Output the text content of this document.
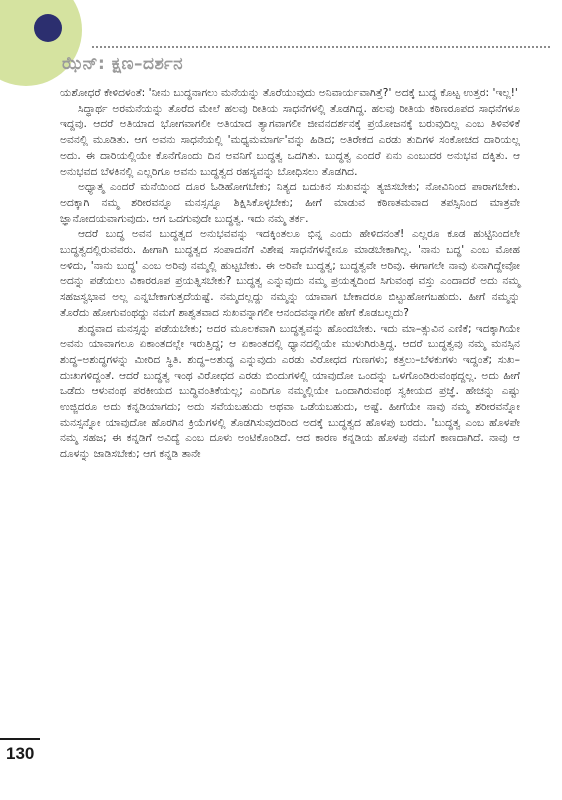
ಝೆನ್‌: ಕ್ಷಣ–ದರ್ಶನ

ಯಶೋಧರೆ ಕೇಳಿದಳಂತೆ: 'ನೀನು ಬುದ್ಧನಾಗಲು ಮನೆಯನ್ನು ತೊರೆಯುವುದು ಅನಿವಾರ್ಯವಾಗಿತ್ತೆ?' ಅದಕ್ಕೆ ಬುದ್ಧ ಕೊಟ್ಟ ಉತ್ತರ: 'ಇಲ್ಲ!'

ಸಿದ್ಧಾರ್ಥ ಅರಮನೆಯನ್ನು ತೊರೆದ ಮೇಲೆ ಹಲವು ರೀತಿಯ ಸಾಧನೆಗಳಲ್ಲಿ ತೊಡಗಿದ್ದ. ಹಲವು ರೀತಿಯ ಕಠಿಣರೂಪದ ಸಾಧನೆಗಳೂ ಇದ್ದವು. ಆದರೆ ಅತಿಯಾದ ಭೋಗವಾಗಲೀ ಅತಿಯಾದ ತ್ಯಾಗವಾಗಲೀ ಜೀವನದರ್ಶನಕ್ಕೆ ಪ್ರಯೋಜನಕ್ಕೆ ಬರುವುದಿಲ್ಲ ಎಂಬ ತಿಳಿವಳಿಕೆ ಅವನಲ್ಲಿ ಮೂಡಿತು. ಆಗ ಅವನು ಸಾಧನೆಯಲ್ಲಿ 'ಮಧ್ಯಮಮಾರ್ಗ'ವನ್ನು ಹಿಡಿದ; ಅತಿರೇಕದ ಎರಡು ತುದಿಗಳ ಸಂಕೋಚದ ದಾರಿಯಲ್ಲ ಅದು. ಈ ದಾರಿಯಲ್ಲಿಯೇ ಕೊನೆಗೊಂದು ದಿನ ಅವನಿಗೆ ಬುದ್ಧತ್ವ ಒದಗಿತು. ಬುದ್ಧತ್ವ ಎಂದರೆ ಏನು ಎಂಬುದರ ಅನುಭವ ದಕ್ಕಿತು. ಆ ಅನುಭವದ ಬೆಳಕಿನಲ್ಲಿ ಎಲ್ಲರಿಗೂ ಅವನು ಬುದ್ಧತ್ವದ ರಹಸ್ಯವನ್ನು ಬೋಧಿಸಲು ತೊಡಗಿದ.

ಅಧ್ಯಾತ್ಮ ಎಂದರೆ ಮನೆಯಿಂದ ದೂರ ಓಡಿಹೋಗಬೇಕು; ನಿತ್ಯದ ಬದುಕಿನ ಸುಖವನ್ನು ತ್ಯಜಿಸಬೇಕು; ನೋವಿನಿಂದ ಪಾರಾಗಬೇಕು. ಅದಕ್ಕಾಗಿ ನಮ್ಮ ಶರೀರವನ್ನೂ ಮನಸ್ಸನ್ನೂ ಶಿಕ್ಷಿಸಿಕೊಳ್ಳಬೇಕು; ಹೀಗೆ ಮಾಡುವ ಕಠಿಣತಮವಾದ ತಪಸ್ಸಿನಿಂದ ಮಾತ್ರವೇ ಜ್ಞಾನೋದಯವಾಗುವುದು. ಆಗ ಒದಗುವುದೇ ಬುದ್ಧತ್ವ. ಇದು ನಮ್ಮ ತರ್ಕ.

ಆದರೆ ಬುದ್ಧ ಅವನ ಬುದ್ಧತ್ವದ ಅನುಭವವನ್ನು ಇದಕ್ಕಿಂತಲೂ ಭಿನ್ನ ಎಂದು ಹೇಳಿದನಂತೆ! ಎಲ್ಲರೂ ಕೂಡ ಹುಟ್ಟಿನಿಂದಲೇ ಬುದ್ಧತ್ವದಲ್ಲಿರುವವರು. ಹೀಗಾಗಿ ಬುದ್ಧತ್ವದ ಸಂಪಾದನೆಗೆ ವಿಶೇಷ ಸಾಧನೆಗಳನ್ನೇನೂ ಮಾಡಬೇಕಾಗಿಲ್ಲ. 'ನಾನು ಬದ್ಧ' ಎಂಬ ಮೋಹ ಅಳಿದು, 'ನಾನು ಬುದ್ಧ' ಎಂಬ ಅರಿವು ನಮ್ಮಲ್ಲಿ ಹುಟ್ಟಬೇಕು. ಈ ಅರಿವೇ ಬುದ್ಧತ್ವ; ಬುದ್ಧತ್ವವೇ ಅರಿವು. ಈಗಾಗಲೇ ನಾವು ಏನಾಗಿದ್ದೇವೋ ಅದನ್ನು ಪಡೆಯಲು ವಿಕಾರರೂಪ ಪ್ರಯತ್ನಿಸಬೇಕು? ಬುದ್ಧತ್ವ ಎನ್ನುವುದು ನಮ್ಮ ಪ್ರಯತ್ನದಿಂದ ಸಿಗುವಂಥ ವಸ್ತು ಎಂದಾದರೆ ಅದು ನಮ್ಮ ಸಹಜಸ್ವಭಾವ ಅಲ್ಲ ಎನ್ನಬೇಕಾಗುತ್ತದೆಯಷ್ಟೆ. ನಮ್ಮದಲ್ಲದ್ದು ನಮ್ಮನ್ನು ಯಾವಾಗ ಬೇಕಾದರೂ ಬಿಟ್ಟುಹೋಗಬಹುದು. ಹೀಗೆ ನಮ್ಮನ್ನು ತೊರೆದು ಹೋಗುವಂಥದ್ದು ನಮಗೆ ಶಾಶ್ವತವಾದ ಸುಖವನ್ನಾಗಲೀ ಆನಂದವನ್ನಾಗಲೀ ಹೇಗೆ ಕೊಡಬಲ್ಲದು?

ಶುದ್ಧವಾದ ಮನಸ್ಸನ್ನು ಪಡೆಯಬೇಕು; ಅದರ ಮೂಲಕವಾಗಿ ಬುದ್ಧತ್ವವನ್ನು ಹೊಂದಬೇಕು. ಇದು ಮಾ–ತ್ಸುವಿನ ಎಣಿಕೆ; ಇದಕ್ಕಾಗಿಯೇ ಅವನು ಯಾವಾಗಲೂ ಏಕಾಂತದಲ್ಲೇ ಇರುತ್ತಿದ್ದ; ಆ ಏಕಾಂತದಲ್ಲಿ ಧ್ಯಾನದಲ್ಲಿಯೇ ಮುಳುಗಿರುತ್ತಿದ್ದ. ಆದರೆ ಬುದ್ಧತ್ವವು ನಮ್ಮ ಮನಸ್ಸಿನ ಶುದ್ಧ–ಅಶುದ್ಧಗಳನ್ನು ಮೀರಿದ ಸ್ಥಿತಿ. ಶುದ್ಧ–ಅಶುದ್ಧ ಎನ್ನುವುದು ಎರಡು ವಿರೋಧದ ಗುಣಗಳು; ಕತ್ತಲು–ಬೆಳಕುಗಳು ಇದ್ದಂತೆ; ಸುಖ–ದುಃಖಗಳಿದ್ದಂತೆ. ಆದರೆ ಬುದ್ಧತ್ವ ಇಂಥ ವಿರೋಧದ ಎರಡು ಬಿಂದುಗಳಲ್ಲಿ ಯಾವುದೋ ಒಂದನ್ನು ಒಳಗೊಂಡಿರುವಂಥದ್ದಲ್ಲ. ಅದು ಹೀಗೆ ಒಡೆದು ಆಳುವಂಥ ಪರಕೀಯದ ಬುದ್ಧಿವಂತಿಕೆಯಲ್ಲ; ಎಂದಿಗೂ ನಮ್ಮಲ್ಲಿಯೇ ಒಂದಾಗಿರುವಂಥ ಸ್ವಕೀಯದ ಪ್ರಜ್ಞೆ. ಹೇಚನ್ನು ಎಷ್ಟು ಉಜ್ಜಿದರೂ ಅದು ಕನ್ನಡಿಯಾಗದು; ಅದು ಸವೆಯಬಹುದು ಅಥವಾ ಒಡೆಯಬಹುದು, ಅಷ್ಟೆ. ಹೀಗೆಯೇ ನಾವು ನಮ್ಮ ಶರೀರವನ್ನೋ ಮನಸ್ಸನ್ನೋ ಯಾವುದೋ ಹೊರಗಿನ ಕ್ರಿಯೆಗಳಲ್ಲಿ ತೊಡಗಿಸುವುದರಿಂದ ಅದಕ್ಕೆ ಬುದ್ಧತ್ವದ ಹೊಳಪು ಬರದು. 'ಬುದ್ಧತ್ವ ಎಂಬ ಹೊಳಪೇ ನಮ್ಮ ಸಹಜ; ಈ ಕನ್ನಡಿಗೆ ಅವಿದ್ಯೆ ಎಂಬ ದೂಳು ಅಂಟಿಕೊಂಡಿದೆ. ಆದ ಕಾರಣ ಕನ್ನಡಿಯ ಹೊಳಪು ನಮಗೆ ಕಾಣದಾಗಿದೆ. ನಾವು ಆ ದೂಳನ್ನು ಜಾಡಿಸಬೇಕು; ಆಗ ಕನ್ನಡಿ ತಾನೇ

130
